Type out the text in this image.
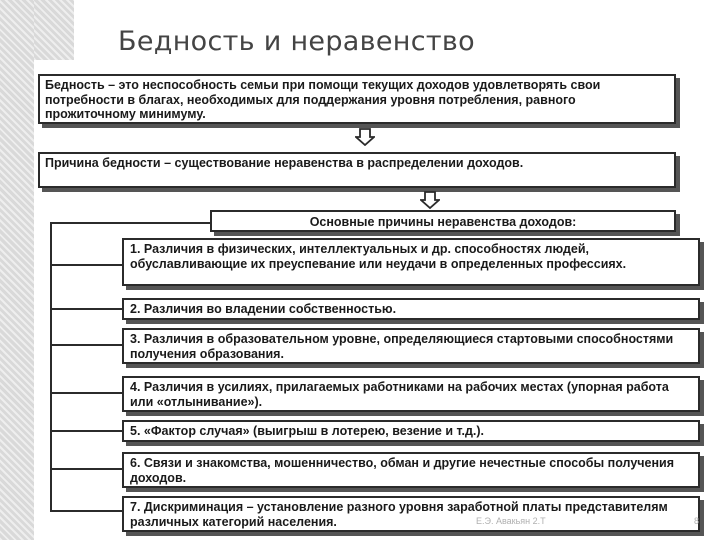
Бедность и неравенство
Бедность – это неспособность семьи при помощи текущих доходов удовлетворять свои потребности в благах, необходимых для поддержания уровня потребления, равного прожиточному минимуму.
Причина бедности – существование неравенства в распределении доходов.
Основные причины неравенства доходов:
1. Различия в физических, интеллектуальных и др. способностях людей, обуславливающие их преуспевание или неудачи в определенных профессиях.
2. Различия во владении собственностью.
3. Различия в образовательном уровне, определяющиеся стартовыми способностями получения образования.
4. Различия в усилиях, прилагаемых работниками на рабочих местах (упорная работа или «отлынивание»).
5. «Фактор случая» (выигрыш в лотерею, везение и т.д.).
6. Связи и знакомства, мошенничество, обман и другие нечестные способы получения доходов.
7. Дискриминация – установление разного уровня заработной платы представителям различных категорий населения.	Е.Э. Авакьян 2.Т	8
